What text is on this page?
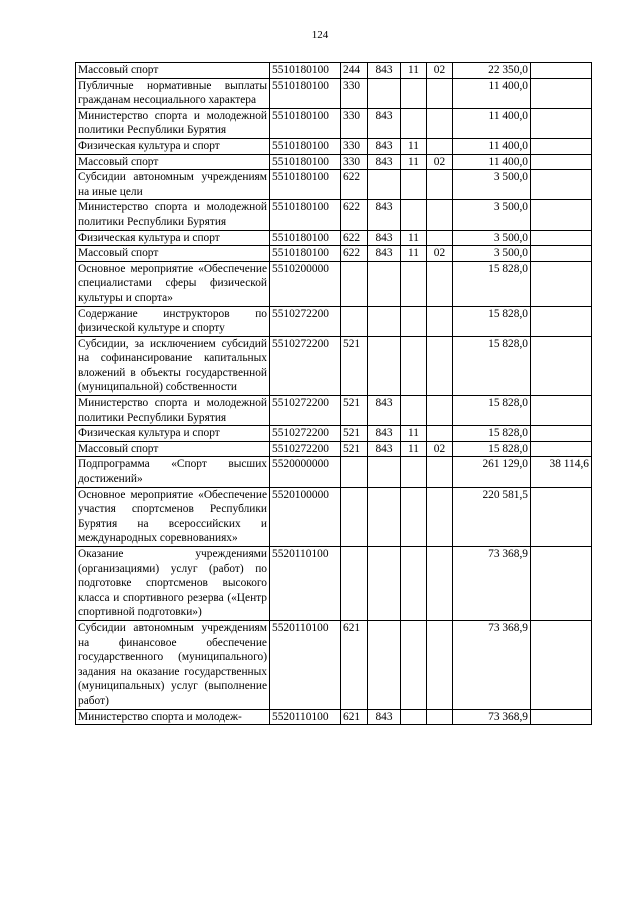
124
Массовый спорт	5510180100	244	843	11	02	22 350,0	
Публичные нормативные выплаты гражданам несоциального характера	5510180100	330				11 400,0	
Министерство спорта и молодежной политики Республики Бурятия	5510180100	330	843			11 400,0	
Физическая культура и спорт	5510180100	330	843	11		11 400,0	
Массовый спорт	5510180100	330	843	11	02	11 400,0	
Субсидии автономным учреждениям на иные цели	5510180100	622				3 500,0	
Министерство спорта и молодежной политики Республики Бурятия	5510180100	622	843			3 500,0	
Физическая культура и спорт	5510180100	622	843	11		3 500,0	
Массовый спорт	5510180100	622	843	11	02	3 500,0	
Основное мероприятие «Обеспечение специалистами сферы физической культуры и спорта»	5510200000					15 828,0	
Содержание инструкторов по физической культуре и спорту	5510272200					15 828,0	
Субсидии, за исключением субсидий на софинансирование капитальных вложений в объекты государственной (муниципальной) собственности	5510272200	521				15 828,0	
Министерство спорта и молодежной политики Республики Бурятия	5510272200	521	843			15 828,0	
Физическая культура и спорт	5510272200	521	843	11		15 828,0	
Массовый спорт	5510272200	521	843	11	02	15 828,0	
Подпрограмма «Спорт высших достижений»	5520000000					261 129,0	38 114,6
Основное мероприятие «Обеспечение участия спортсменов Республики Бурятия на всероссийских и международных соревнованиях»	5520100000					220 581,5	
Оказание учреждениями (организациями) услуг (работ) по подготовке спортсменов высокого класса и спортивного резерва («Центр спортивной подготовки»)	5520110100					73 368,9	
Субсидии автономным учреждениям на финансовое обеспечение государственного (муниципального) задания на оказание государственных (муниципальных) услуг (выполнение работ)	5520110100	621				73 368,9	
Министерство спорта и молодеж-	5520110100	621	843			73 368,9	
